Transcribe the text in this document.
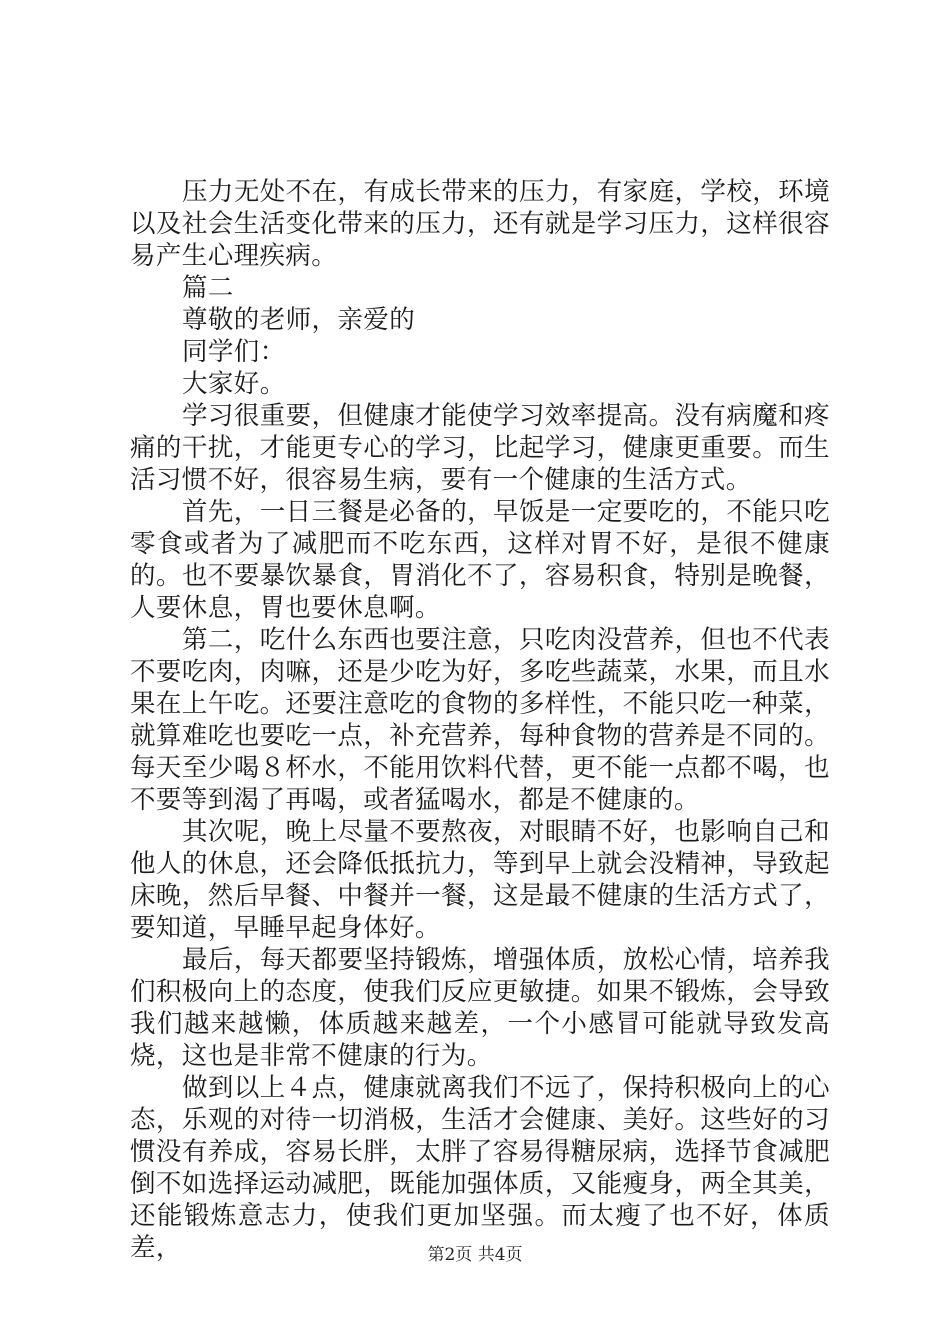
压力无处不在，有成长带来的压力，有家庭，学校，环境以及社会生活变化带来的压力，还有就是学习压力，这样很容易产生心理疾病。

篇二

尊敬的老师，亲爱的

同学们：

大家好。

学习很重要，但健康才能使学习效率提高。没有病魔和疼痛的干扰，才能更专心的学习，比起学习，健康更重要。而生活习惯不好，很容易生病，要有一个健康的生活方式。

首先，一日三餐是必备的，早饭是一定要吃的，不能只吃零食或者为了减肥而不吃东西，这样对胃不好，是很不健康的。也不要暴饮暴食，胃消化不了，容易积食，特别是晚餐，人要休息，胃也要休息啊。

第二，吃什么东西也要注意，只吃肉没营养，但也不代表不要吃肉，肉嘛，还是少吃为好，多吃些蔬菜，水果，而且水果在上午吃。还要注意吃的食物的多样性，不能只吃一种菜，就算难吃也要吃一点，补充营养，每种食物的营养是不同的。每天至少喝８杯水，不能用饮料代替，更不能一点都不喝，也不要等到渴了再喝，或者猛喝水，都是不健康的。

其次呢，晚上尽量不要熬夜，对眼睛不好，也影响自己和他人的休息，还会降低抵抗力，等到早上就会没精神，导致起床晚，然后早餐、中餐并一餐，这是最不健康的生活方式了，要知道，早睡早起身体好。

最后，每天都要坚持锻炼，增强体质，放松心情，培养我们积极向上的态度，使我们反应更敏捷。如果不锻炼，会导致我们越来越懒，体质越来越差，一个小感冒可能就导致发高烧，这也是非常不健康的行为。

做到以上４点，健康就离我们不远了，保持积极向上的心态，乐观的对待一切消极，生活才会健康、美好。这些好的习惯没有养成，容易长胖，太胖了容易得糖尿病，选择节食减肥倒不如选择运动减肥，既能加强体质，又能瘦身，两全其美，还能锻炼意志力，使我们更加坚强。而太瘦了也不好，体质差，	第2页 共4页
